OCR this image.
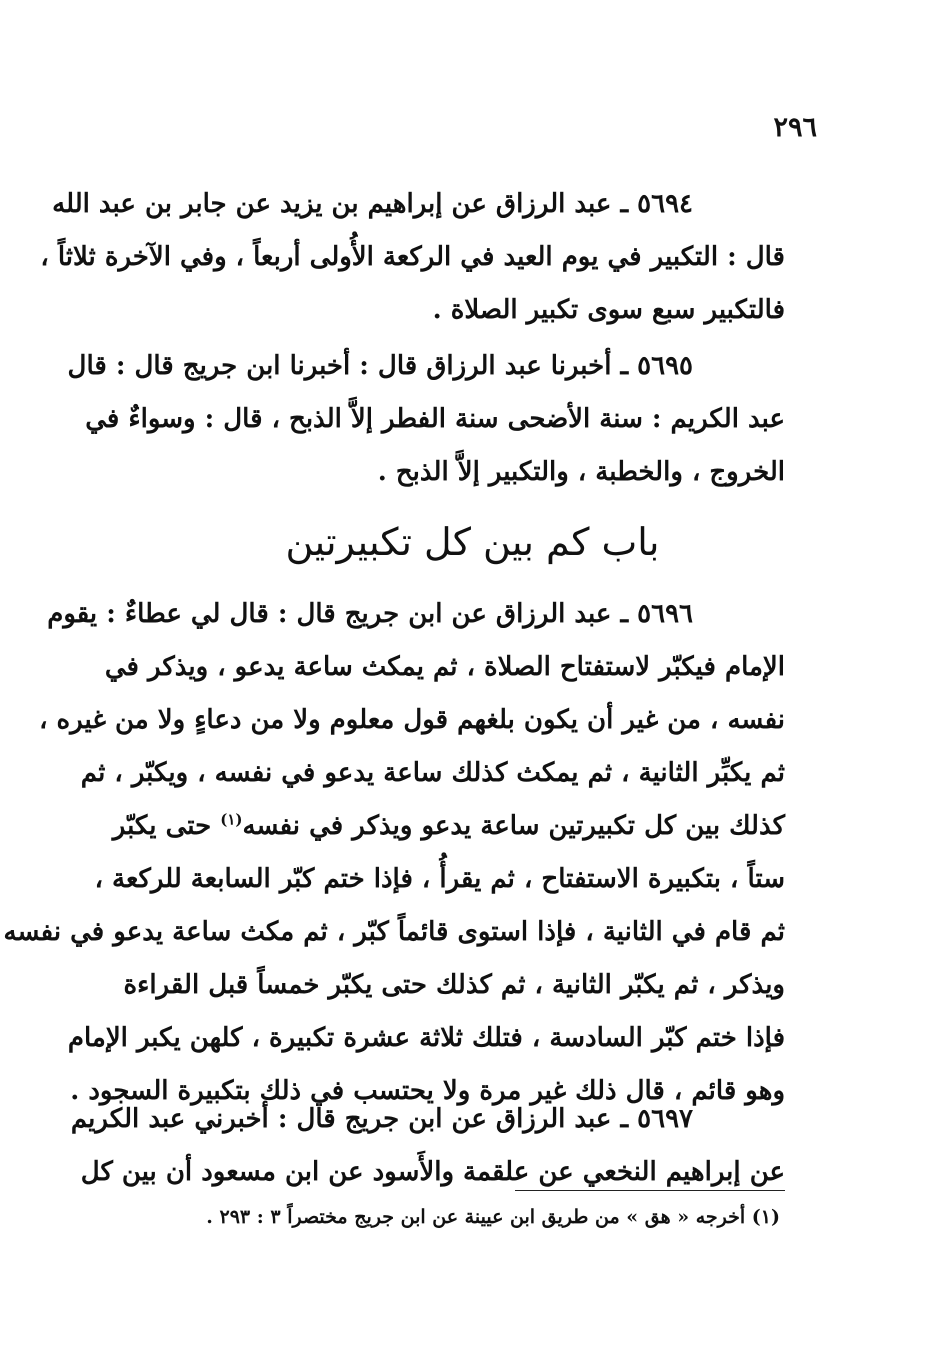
٢٩٦
٥٦٩٤ ـ عبد الرزاق عن إبراهيم بن يزيد عن جابر بن عبد الله
قال : التكبير في يوم العيد في الركعة الأُولى أربعاً ، وفي الآخرة ثلاثاً ،
فالتكبير سبع سوى تكبير الصلاة .
٥٦٩٥ ـ أخبرنا عبد الرزاق قال : أخبرنا ابن جريج قال : قال
عبد الكريم : سنة الأضحى سنة الفطر إلاَّ الذبح ، قال : وسواءٌ في
الخروج ، والخطبة ، والتكبير إلاَّ الذبح .
باب كم بين كل تكبيرتين
٥٦٩٦ ـ عبد الرزاق عن ابن جريج قال : قال لي عطاءٌ : يقوم
الإمام فيكبّر لاستفتاح الصلاة ، ثم يمكث ساعة يدعو ، ويذكر في
نفسه ، من غير أن يكون بلغهم قول معلوم ولا من دعاءٍ ولا من غيره ،
ثم يكبِّر الثانية ، ثم يمكث كذلك ساعة يدعو في نفسه ، ويكبّر ، ثم
كذلك بين كل تكبيرتين ساعة يدعو ويذكر في نفسه$^{(١)}$ حتى يكبّر
ستاً ، بتكبيرة الاستفتاح ، ثم يقرأُ ، فإذا ختم كبّر السابعة للركعة ،
ثم قام في الثانية ، فإذا استوى قائماً كبّر ، ثم مكث ساعة يدعو في نفسه
ويذكر ، ثم يكبّر الثانية ، ثم كذلك حتى يكبّر خمساً قبل القراءة
فإذا ختم كبّر السادسة ، فتلك ثلاثة عشرة تكبيرة ، كلهن يكبر الإمام
وهو قائم ، قال ذلك غير مرة ولا يحتسب في ذلك بتكبيرة السجود .
٥٦٩٧ ـ عبد الرزاق عن ابن جريج قال : أخبرني عبد الكريم
عن إبراهيم النخعي عن علقمة والأَسود عن ابن مسعود أن بين كل
(١) أخرجه « هق » من طريق ابن عيينة عن ابن جريج مختصراً ٣ : ٢٩٣ .
